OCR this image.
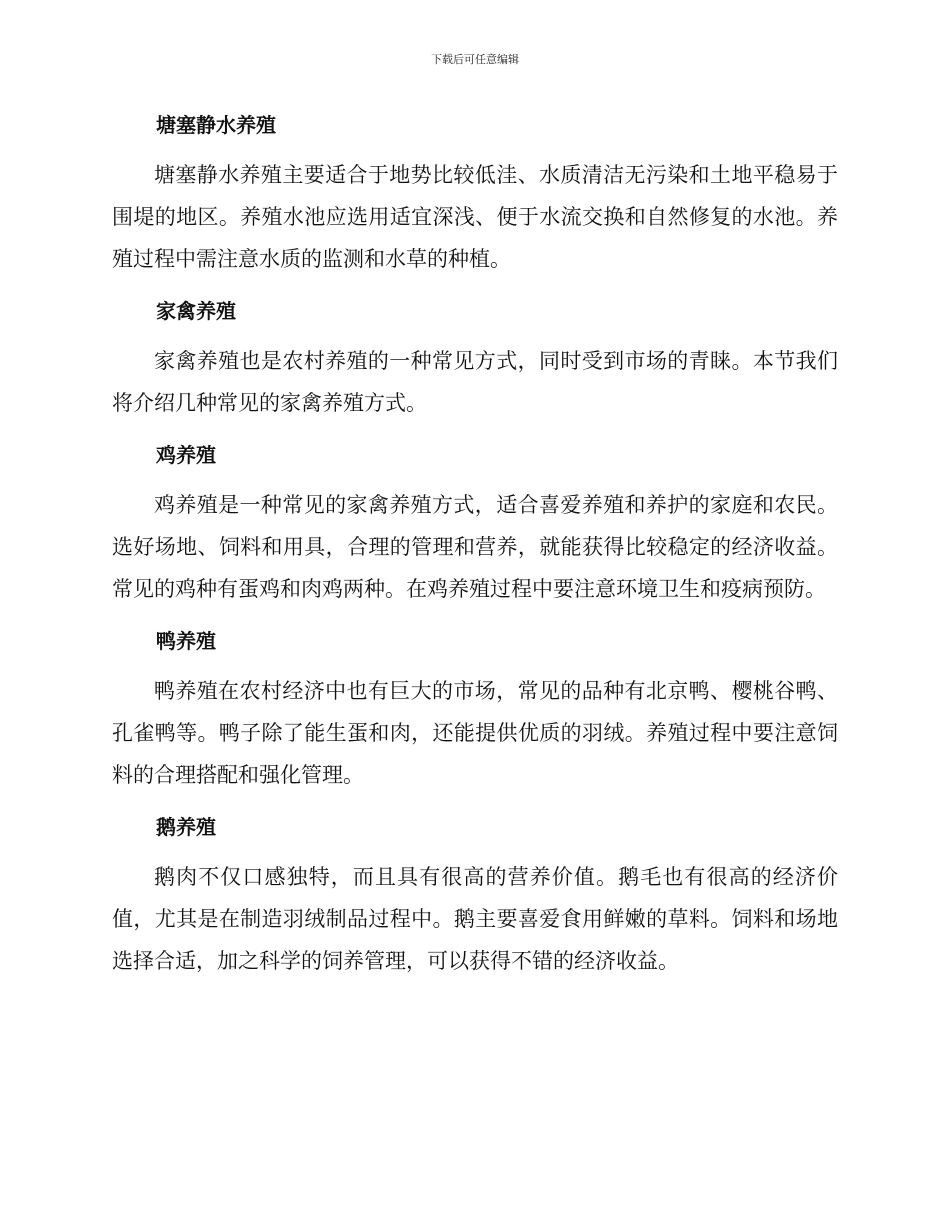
下载后可任意编辑
塘塞静水养殖

塘塞静水养殖主要适合于地势比较低洼、水质清洁无污染和土地平稳易于围堤的地区。养殖水池应选用适宜深浅、便于水流交换和自然修复的水池。养殖过程中需注意水质的监测和水草的种植。

家禽养殖

家禽养殖也是农村养殖的一种常见方式，同时受到市场的青睐。本节我们将介绍几种常见的家禽养殖方式。

鸡养殖

鸡养殖是一种常见的家禽养殖方式，适合喜爱养殖和养护的家庭和农民。选好场地、饲料和用具，合理的管理和营养，就能获得比较稳定的经济收益。常见的鸡种有蛋鸡和肉鸡两种。在鸡养殖过程中要注意环境卫生和疫病预防。

鸭养殖

鸭养殖在农村经济中也有巨大的市场，常见的品种有北京鸭、樱桃谷鸭、孔雀鸭等。鸭子除了能生蛋和肉，还能提供优质的羽绒。养殖过程中要注意饲料的合理搭配和强化管理。

鹅养殖

鹅肉不仅口感独特，而且具有很高的营养价值。鹅毛也有很高的经济价值，尤其是在制造羽绒制品过程中。鹅主要喜爱食用鲜嫩的草料。饲料和场地选择合适，加之科学的饲养管理，可以获得不错的经济收益。
